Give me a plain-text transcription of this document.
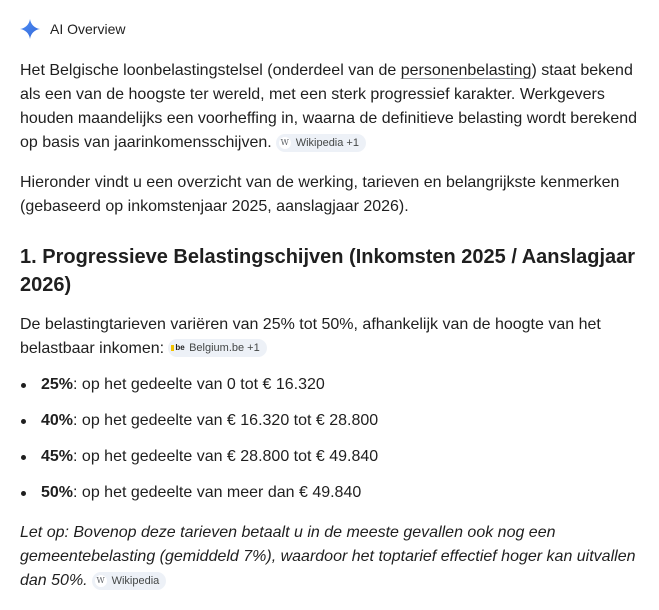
AI Overview

Het Belgische loonbelastingstelsel (onderdeel van de personenbelasting) staat bekend als een van de hoogste ter wereld, met een sterk progressief karakter. Werkgevers houden maandelijks een voorheffing in, waarna de definitieve belasting wordt berekend op basis van jaarinkomensschijven. W Wikipedia +1

Hieronder vindt u een overzicht van de werking, tarieven en belangrijkste kenmerken (gebaseerd op inkomstenjaar 2025, aanslagjaar 2026).

1. Progressieve Belastingschijven (Inkomsten 2025 / Aanslagjaar 2026)

De belastingtarieven variëren van 25% tot 50%, afhankelijk van de hoogte van het belastbaar inkomen: be Belgium.be +1

25%: op het gedeelte van 0 tot € 16.320
40%: op het gedeelte van € 16.320 tot € 28.800
45%: op het gedeelte van € 28.800 tot € 49.840
50%: op het gedeelte van meer dan € 49.840

Let op: Bovenop deze tarieven betaalt u in de meeste gevallen ook nog een gemeentebelasting (gemiddeld 7%), waardoor het toptarief effectief hoger kan uitvallen dan 50%. W Wikipedia
